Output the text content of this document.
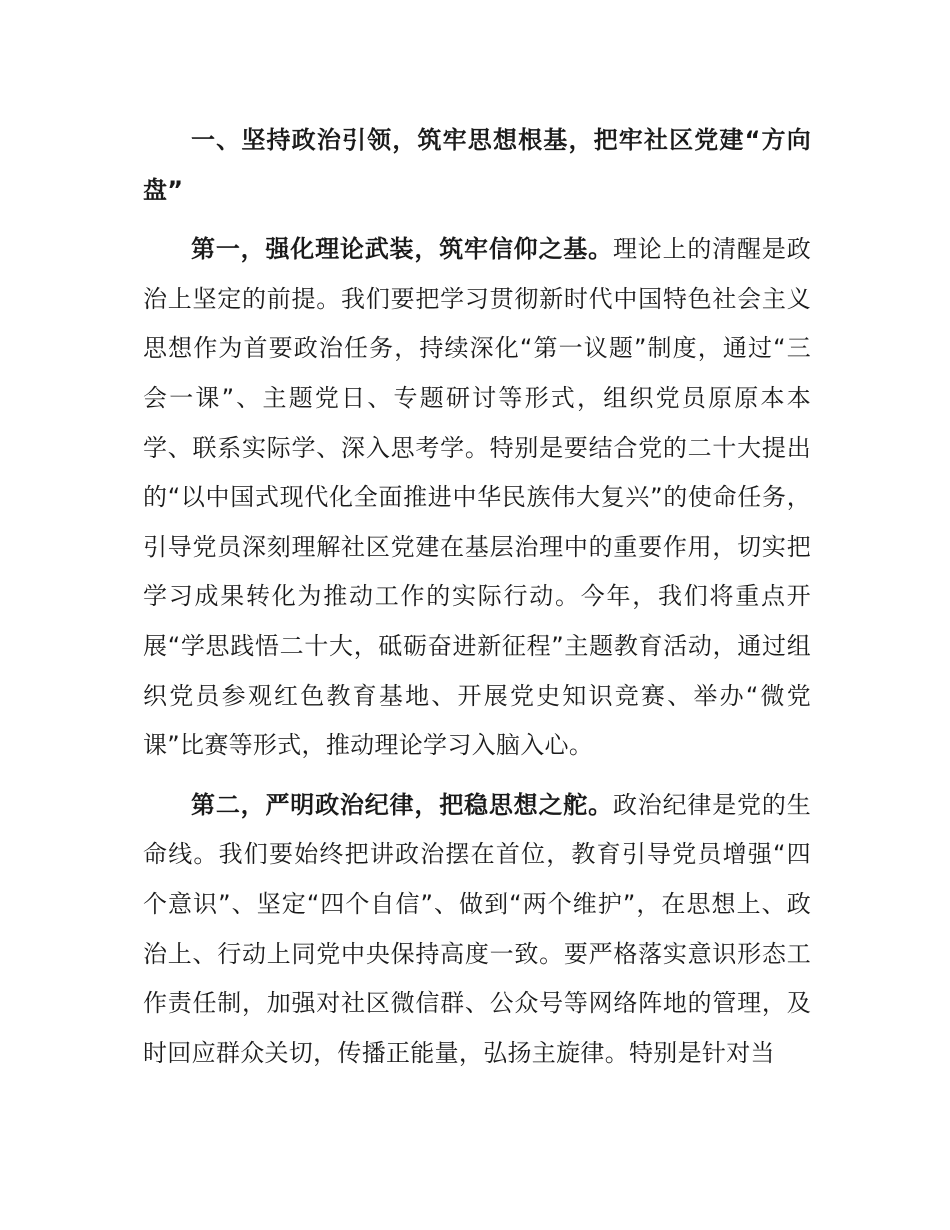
一、坚持政治引领，筑牢思想根基，把牢社区党建“方向盘”

第一，强化理论武装，筑牢信仰之基。理论上的清醒是政治上坚定的前提。我们要把学习贯彻新时代中国特色社会主义思想作为首要政治任务，持续深化“第一议题”制度，通过“三会一课”、主题党日、专题研讨等形式，组织党员原原本本学、联系实际学、深入思考学。特别是要结合党的二十大提出的“以中国式现代化全面推进中华民族伟大复兴”的使命任务，引导党员深刻理解社区党建在基层治理中的重要作用，切实把学习成果转化为推动工作的实际行动。今年，我们将重点开展“学思践悟二十大，砥砺奋进新征程”主题教育活动，通过组织党员参观红色教育基地、开展党史知识竞赛、举办“微党课”比赛等形式，推动理论学习入脑入心。

第二，严明政治纪律，把稳思想之舵。政治纪律是党的生命线。我们要始终把讲政治摆在首位，教育引导党员增强“四个意识”、坚定“四个自信”、做到“两个维护”，在思想上、政治上、行动上同党中央保持高度一致。要严格落实意识形态工作责任制，加强对社区微信群、公众号等网络阵地的管理，及时回应群众关切，传播正能量，弘扬主旋律。特别是针对当
